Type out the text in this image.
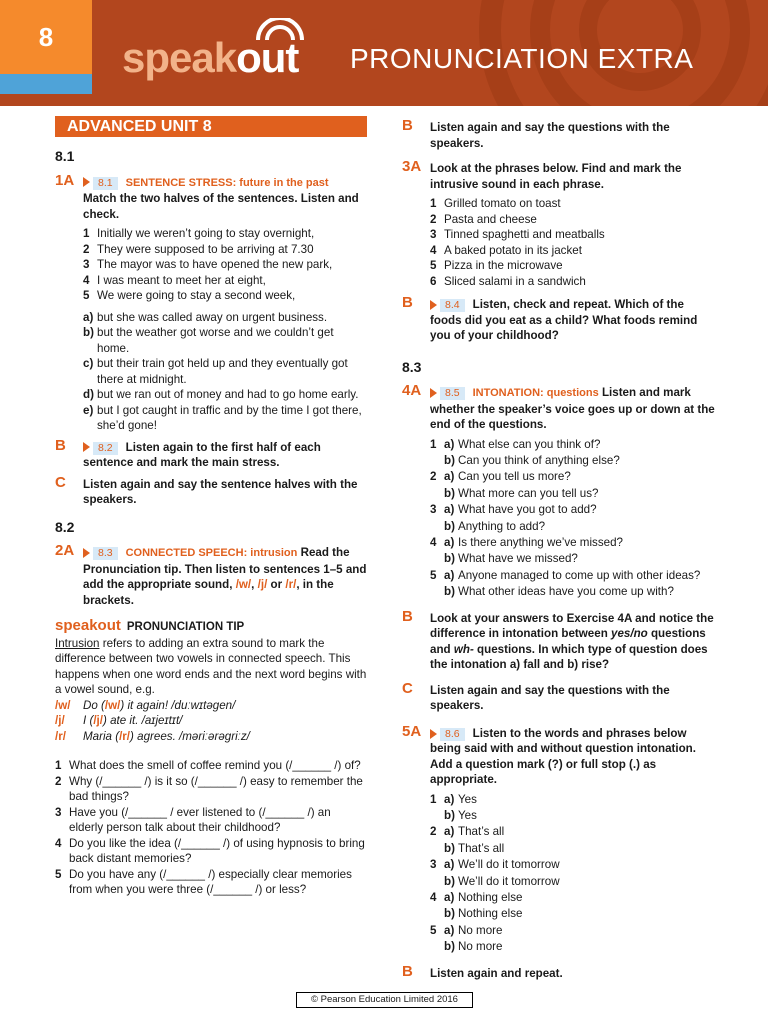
8	speakout PRONUNCIATION EXTRA
ADVANCED UNIT 8
8.1
1A 8.1 SENTENCE STRESS: future in the past
Match the two halves of the sentences. Listen and check.
1 Initially we weren’t going to stay overnight,
2 They were supposed to be arriving at 7.30
3 The mayor was to have opened the new park,
4 I was meant to meet her at eight,
5 We were going to stay a second week,
a) but she was called away on urgent business.
b) but the weather got worse and we couldn’t get home.
c) but their train got held up and they eventually got there at midnight.
d) but we ran out of money and had to go home early.
e) but I got caught in traffic and by the time I got there, she’d gone!
B	8.2 Listen again to the first half of each sentence and mark the main stress.
C Listen again and say the sentence halves with the speakers.
8.2
2A 8.3 CONNECTED SPEECH: intrusion Read the Pronunciation tip. Then listen to sentences 1–5 and add the appropriate sound, /w/, /j/ or /r/, in the brackets.
speakout PRONUNCIATION TIP
Intrusion refers to adding an extra sound to mark the difference between two vowels in connected speech. This happens when one word ends and the next word begins with a vowel sound, e.g.
/w/ Do (/w/) it again! /duːwɪtəgen/
/j/ I (/j/) ate it. /aɪjeɪtɪt/
/r/ Maria (/r/) agrees. /məriːərəgriːz/
1 What does the smell of coffee remind you (/______ /) of?
2 Why (/______ /) is it so (/______ /) easy to remember the bad things?
3 Have you (/______ / ever listened to (/______ /) an elderly person talk about their childhood?
4 Do you like the idea (/______ /) of using hypnosis to bring back distant memories?
5 Do you have any (/______ /) especially clear memories from when you were three (/______ /) or less?
B Listen again and say the questions with the speakers.
3A Look at the phrases below. Find and mark the intrusive sound in each phrase.
1 Grilled tomato on toast
2 Pasta and cheese
3 Tinned spaghetti and meatballs
4 A baked potato in its jacket
5 Pizza in the microwave
6 Sliced salami in a sandwich
B	8.4 Listen, check and repeat. Which of the foods did you eat as a child? What foods remind you of your childhood?
8.3
4A 8.5 INTONATION: questions Listen and mark whether the speaker’s voice goes up or down at the end of the questions.
1 a) What else can you think of?
b) Can you think of anything else?
2 a) Can you tell us more?
b) What more can you tell us?
3 a) What have you got to add?
b) Anything to add?
4 a) Is there anything we’ve missed?
b) What have we missed?
5 a) Anyone managed to come up with other ideas?
b) What other ideas have you come up with?
B Look at your answers to Exercise 4A and notice the difference in intonation between yes/no questions and wh- questions. In which type of question does the intonation a) fall and b) rise?
C Listen again and say the questions with the speakers.
5A 8.6 Listen to the words and phrases below being said with and without question intonation. Add a question mark (?) or full stop (.) as appropriate.
1 a) Yes
b) Yes
2 a) That’s all
b) That’s all
3 a) We’ll do it tomorrow
b) We’ll do it tomorrow
4 a) Nothing else
b) Nothing else
5 a) No more
b) No more
B Listen again and repeat.
© Pearson Education Limited 2016
